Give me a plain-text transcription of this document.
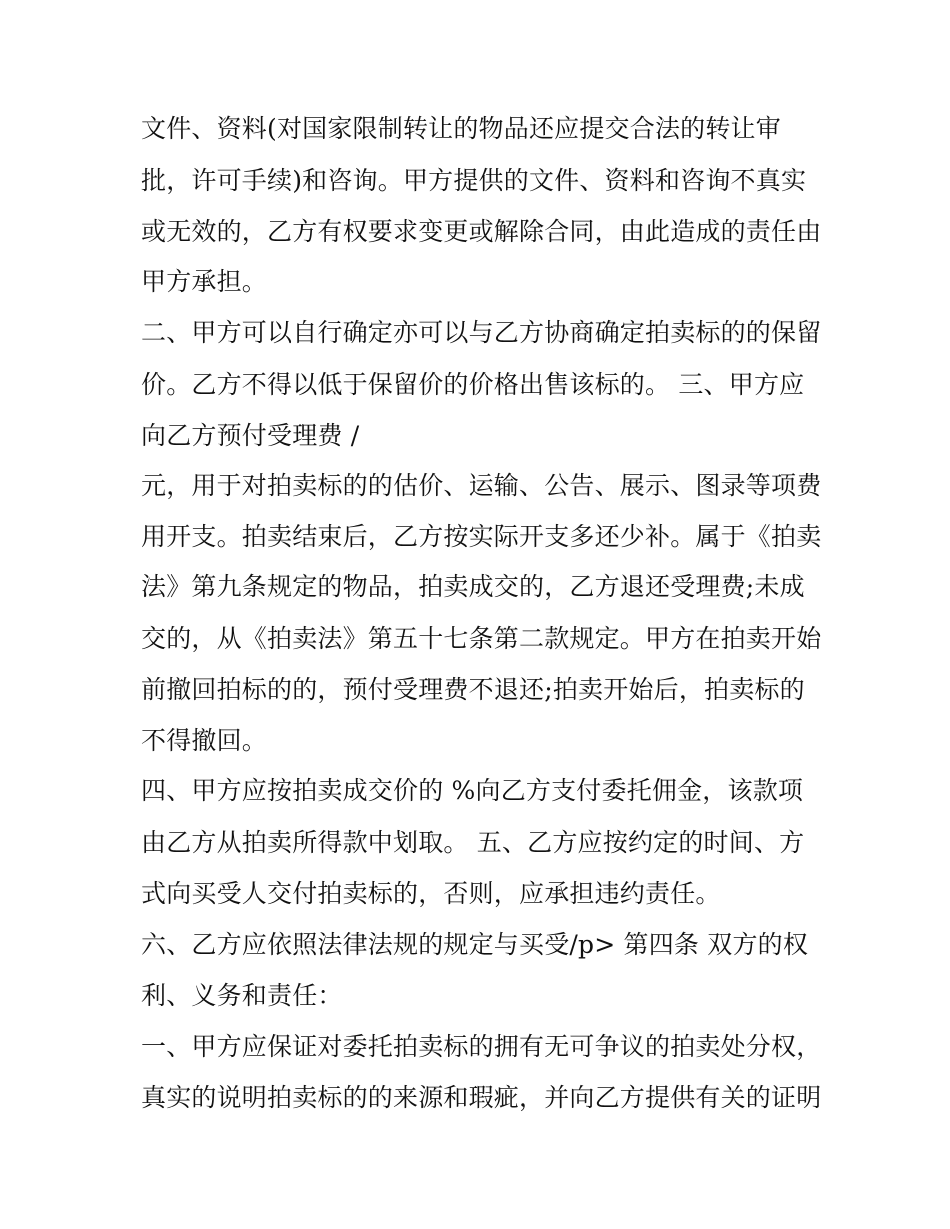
文件、资料(对国家限制转让的物品还应提交合法的转让审
批，许可手续)和咨询。甲方提供的文件、资料和咨询不真实
或无效的，乙方有权要求变更或解除合同，由此造成的责任由
甲方承担。
二、甲方可以自行确定亦可以与乙方协商确定拍卖标的的保留
价。乙方不得以低于保留价的价格出售该标的。 三、甲方应
向乙方预付受理费 /
元，用于对拍卖标的的估价、运输、公告、展示、图录等项费
用开支。拍卖结束后，乙方按实际开支多还少补。属于《拍卖
法》第九条规定的物品，拍卖成交的，乙方退还受理费;未成
交的，从《拍卖法》第五十七条第二款规定。甲方在拍卖开始
前撤回拍标的的，预付受理费不退还;拍卖开始后，拍卖标的
不得撤回。
四、甲方应按拍卖成交价的 %向乙方支付委托佣金，该款项
由乙方从拍卖所得款中划取。 五、乙方应按约定的时间、方
式向买受人交付拍卖标的，否则，应承担违约责任。
六、乙方应依照法律法规的规定与买受/p> 第四条 双方的权
利、义务和责任：
一、甲方应保证对委托拍卖标的拥有无可争议的拍卖处分权，
真实的说明拍卖标的的来源和瑕疵，并向乙方提供有关的证明
